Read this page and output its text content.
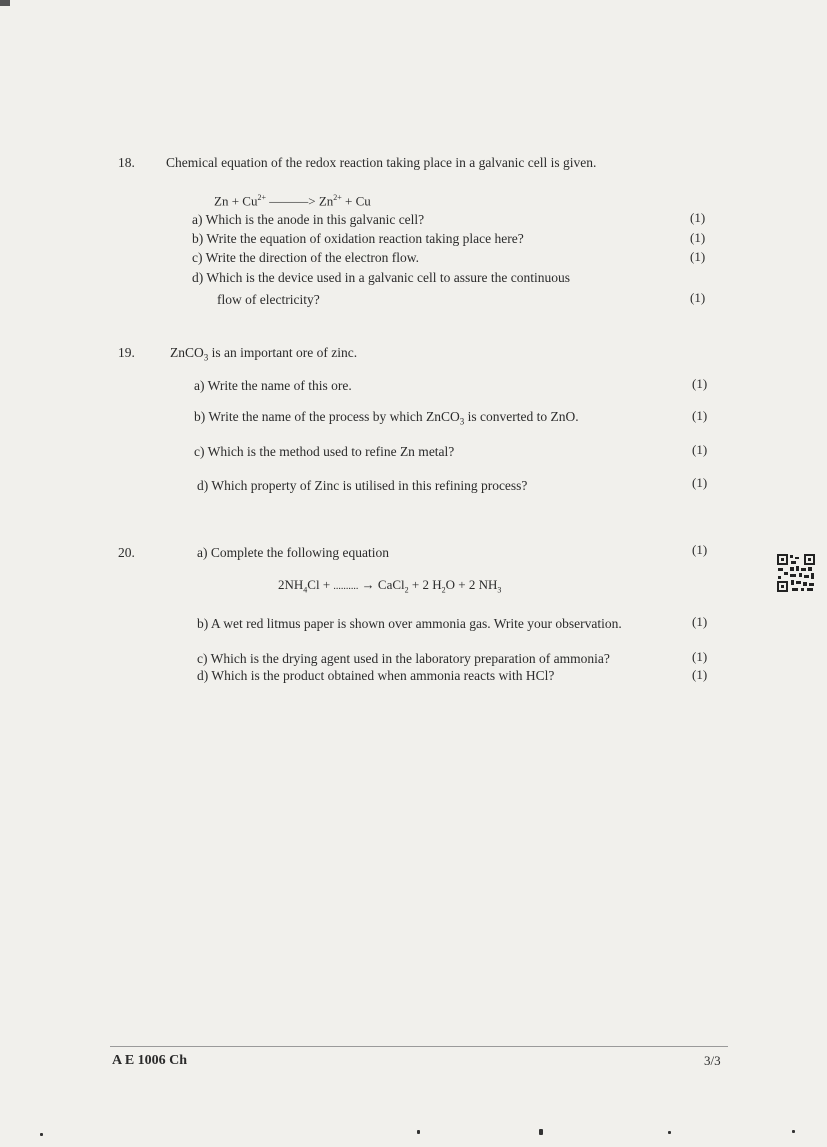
18. Chemical equation of the redox reaction taking place in a galvanic cell is given.
$Zn + Cu^{2+}$ ———> $Zn^{2+} + Cu$
a) Which is the anode in this galvanic cell?	(1)
b) Write the equation of oxidation reaction taking place here?	(1)
c) Write the direction of the electron flow.	(1)
d) Which is the device used in a galvanic cell to assure the continuous
flow of electricity?	(1)
19.	ZnCO$_3$ is an important ore of zinc.
a) Write the name of this ore.	(1)
b) Write the name of the process by which ZnCO$_3$ is converted to ZnO.	(1)
c) Which is the method used to refine Zn metal?	(1)
d) Which property of Zinc is utilised in this refining process?	(1)
20.	a) Complete the following equation	(1)
$2NH_4Cl$ + .......... → CaCl$_2$ + 2 $H_2O + 2$ $NH_3$
b) A wet red litmus paper is shown over ammonia gas. Write your observation.	(1)
c) Which is the drying agent used in the laboratory preparation of ammonia?	(1)
d) Which is the product obtained when ammonia reacts with HCl?	(1)
A E 1006 Ch	3/3
